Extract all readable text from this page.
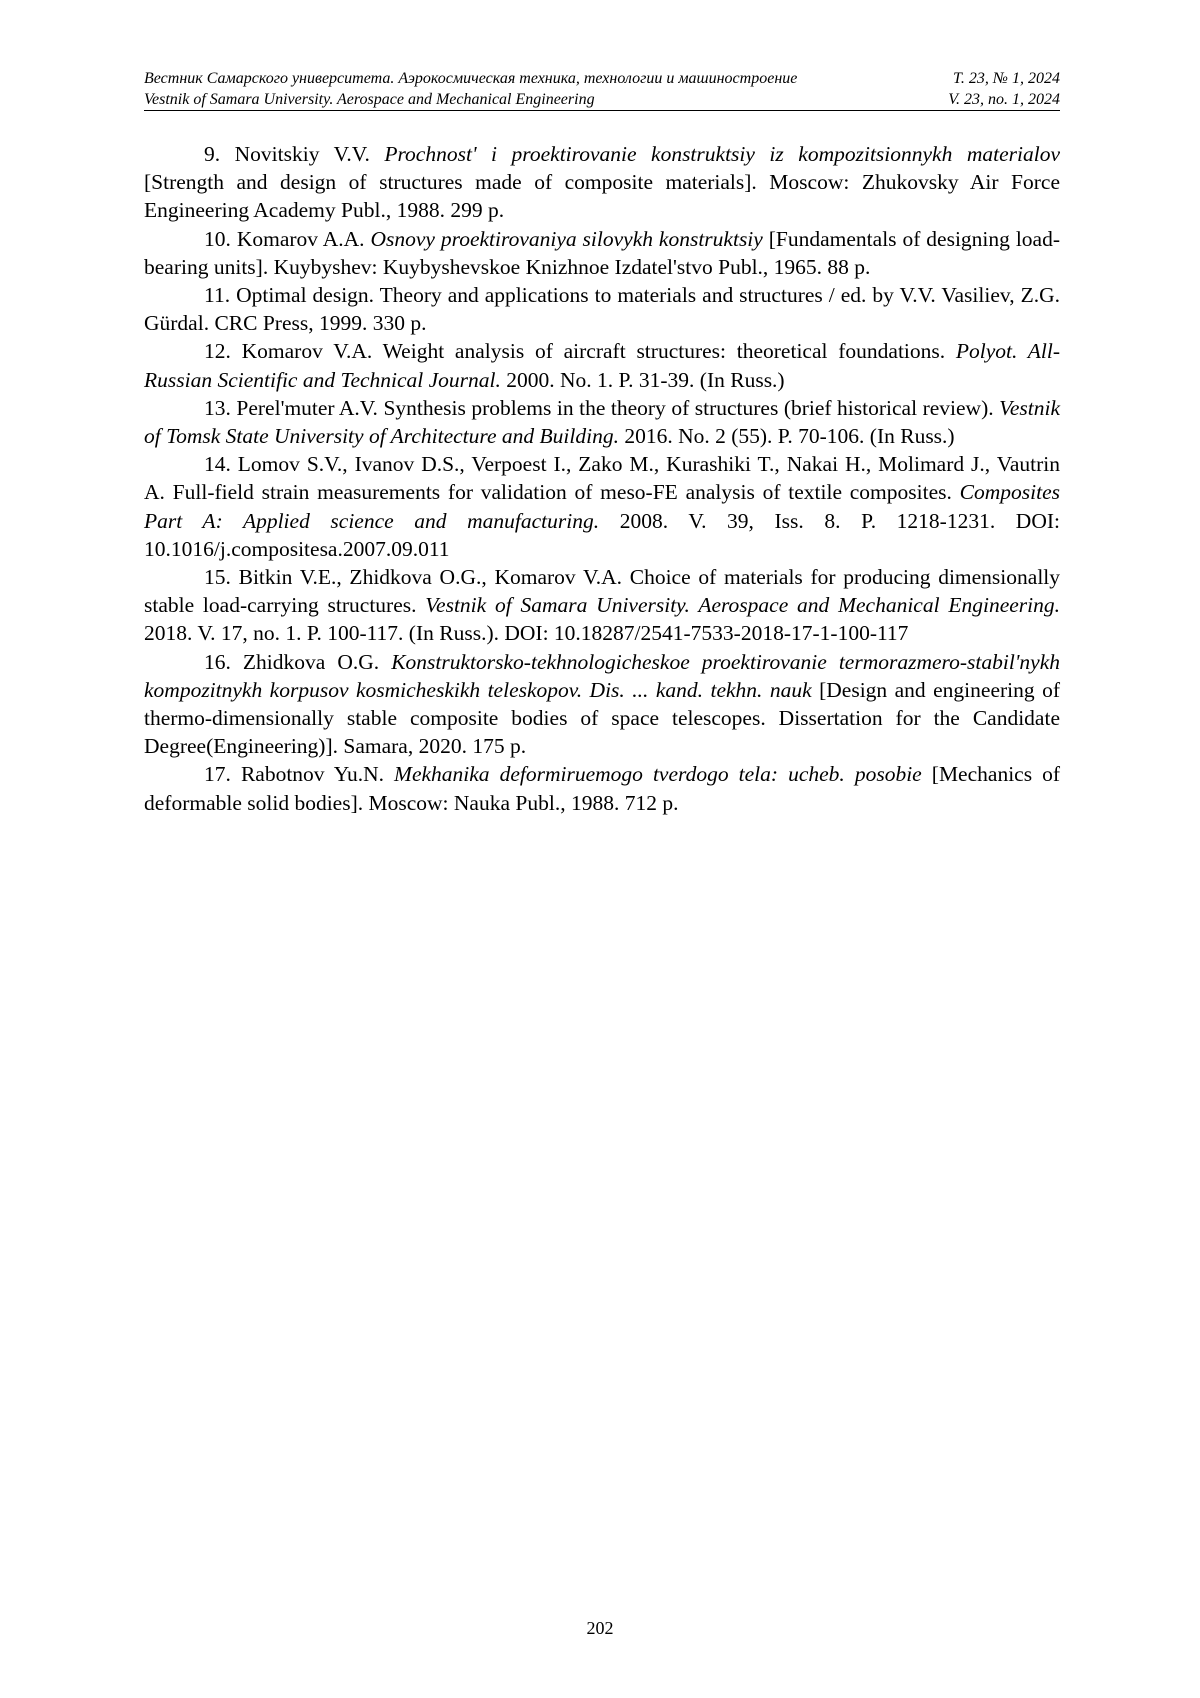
Вестник Самарского университета. Аэрокосмическая техника, технологии и машиностроение	Т. 23, № 1, 2024
Vestnik of Samara University. Aerospace and Mechanical Engineering	V. 23, no. 1, 2024

9. Novitskiy V.V. Prochnost' i proektirovanie konstruktsiy iz kompozitsionnykh materialov [Strength and design of structures made of composite materials]. Moscow: Zhukovsky Air Force Engineering Academy Publ., 1988. 299 p.

10. Komarov A.A. Osnovy proektirovaniya silovykh konstruktsiy [Fundamentals of designing load-bearing units]. Kuybyshev: Kuybyshevskoe Knizhnoe Izdatel'stvo Publ., 1965. 88 p.

11. Optimal design. Theory and applications to materials and structures / ed. by V.V. Vasiliev, Z.G. Gürdal. CRC Press, 1999. 330 p.

12. Komarov V.A. Weight analysis of aircraft structures: theoretical foundations. Polyot. All-Russian Scientific and Technical Journal. 2000. No. 1. P. 31-39. (In Russ.)

13. Perel'muter A.V. Synthesis problems in the theory of structures (brief historical review). Vestnik of Tomsk State University of Architecture and Building. 2016. No. 2 (55). P. 70-106. (In Russ.)

14. Lomov S.V., Ivanov D.S., Verpoest I., Zako M., Kurashiki T., Nakai H., Molimard J., Vautrin A. Full-field strain measurements for validation of meso-FE analysis of textile composites. Composites Part A: Applied science and manufacturing. 2008. V. 39, Iss. 8. P. 1218-1231. DOI: 10.1016/j.compositesa.2007.09.011

15. Bitkin V.E., Zhidkova O.G., Komarov V.A. Choice of materials for producing dimensionally stable load-carrying structures. Vestnik of Samara University. Aerospace and Mechanical Engineering. 2018. V. 17, no. 1. P. 100-117. (In Russ.). DOI: 10.18287/2541-7533-2018-17-1-100-117

16. Zhidkova O.G. Konstruktorsko-tekhnologicheskoe proektirovanie termorazmero-stabil'nykh kompozitnykh korpusov kosmicheskikh teleskopov. Dis. ... kand. tekhn. nauk [Design and engineering of thermo-dimensionally stable composite bodies of space telescopes. Dissertation for the Candidate Degree(Engineering)]. Samara, 2020. 175 p.

17. Rabotnov Yu.N. Mekhanika deformiruemogo tverdogo tela: ucheb. posobie [Mechanics of deformable solid bodies]. Moscow: Nauka Publ., 1988. 712 p.

202
